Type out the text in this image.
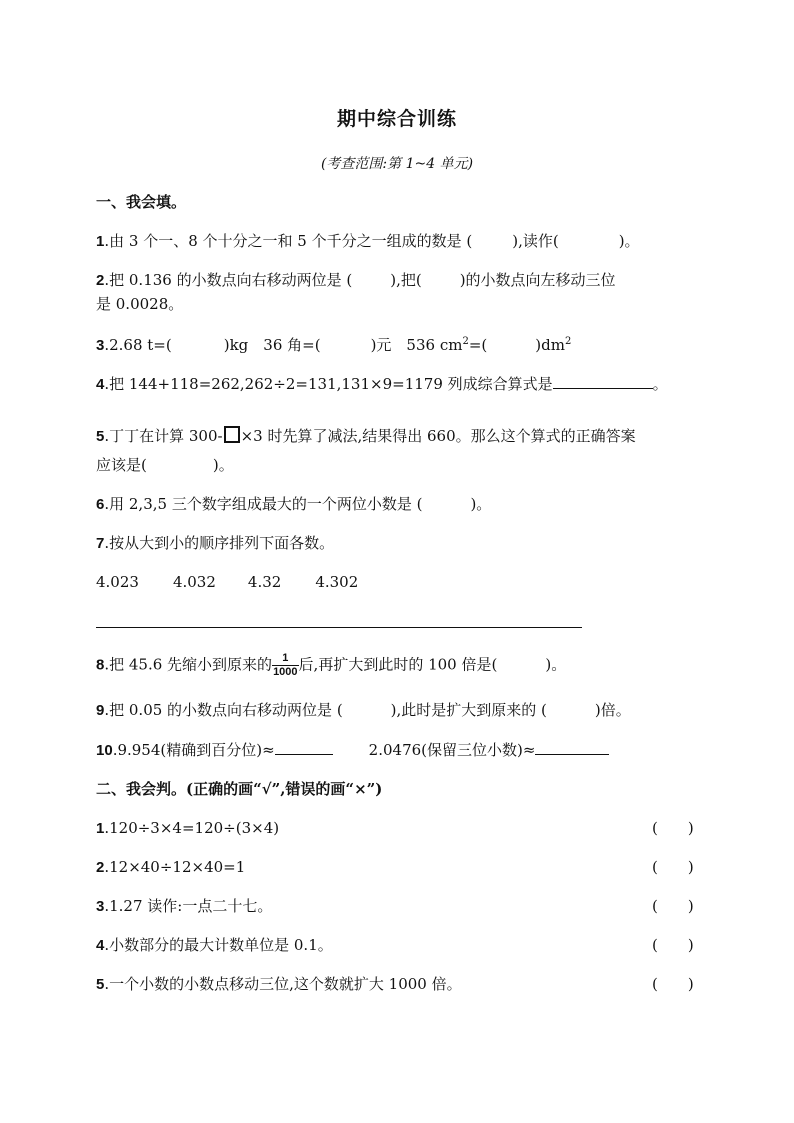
期中综合训练
(考查范围:第 1~4 单元)
一、我会填。
1.由 3 个一、8 个十分之一和 5 个千分之一组成的数是 (	),读作(	)。
2.把 0.136 的小数点向右移动两位是 (	),把(	)的小数点向左移动三位
是 0.0028。
3.2.68 t=(	)kg　36 角=(	)元　536 $cm^2=$(	)$dm^2$
4.把 144+118=262,262÷2=131,131×9=1179 列成综合算式是	。
5.丁丁在计算 300- ×3 时先算了减法,结果得出 660。那么这个算式的正确答案
应该是(	)。
6.用 2,3,5 三个数字组成最大的一个两位小数是 (	)。
7.按从大到小的顺序排列下面各数。
4.023 4.032 4.32 4.302
8.把 45.6 先缩小到原来的 $\frac{1}{1000}$ 后,再扩大到此时的 100 倍是(	)。
9.把 0.05 的小数点向右移动两位是 (	),此时是扩大到原来的 (	)倍。
10.9.954(精确到百分位)≈	2.0476(保留三位小数)≈
二、我会判。(正确的画“√”,错误的画“×”)
1.120÷3×4=120÷(3×4)	(　　)
2.12×40÷12×40=1	(　　)
3.1.27 读作:一点二十七。	(　　)
4.小数部分的最大计数单位是 0.1。	(　　)
5.一个小数的小数点移动三位,这个数就扩大 1000 倍。	(　　)
